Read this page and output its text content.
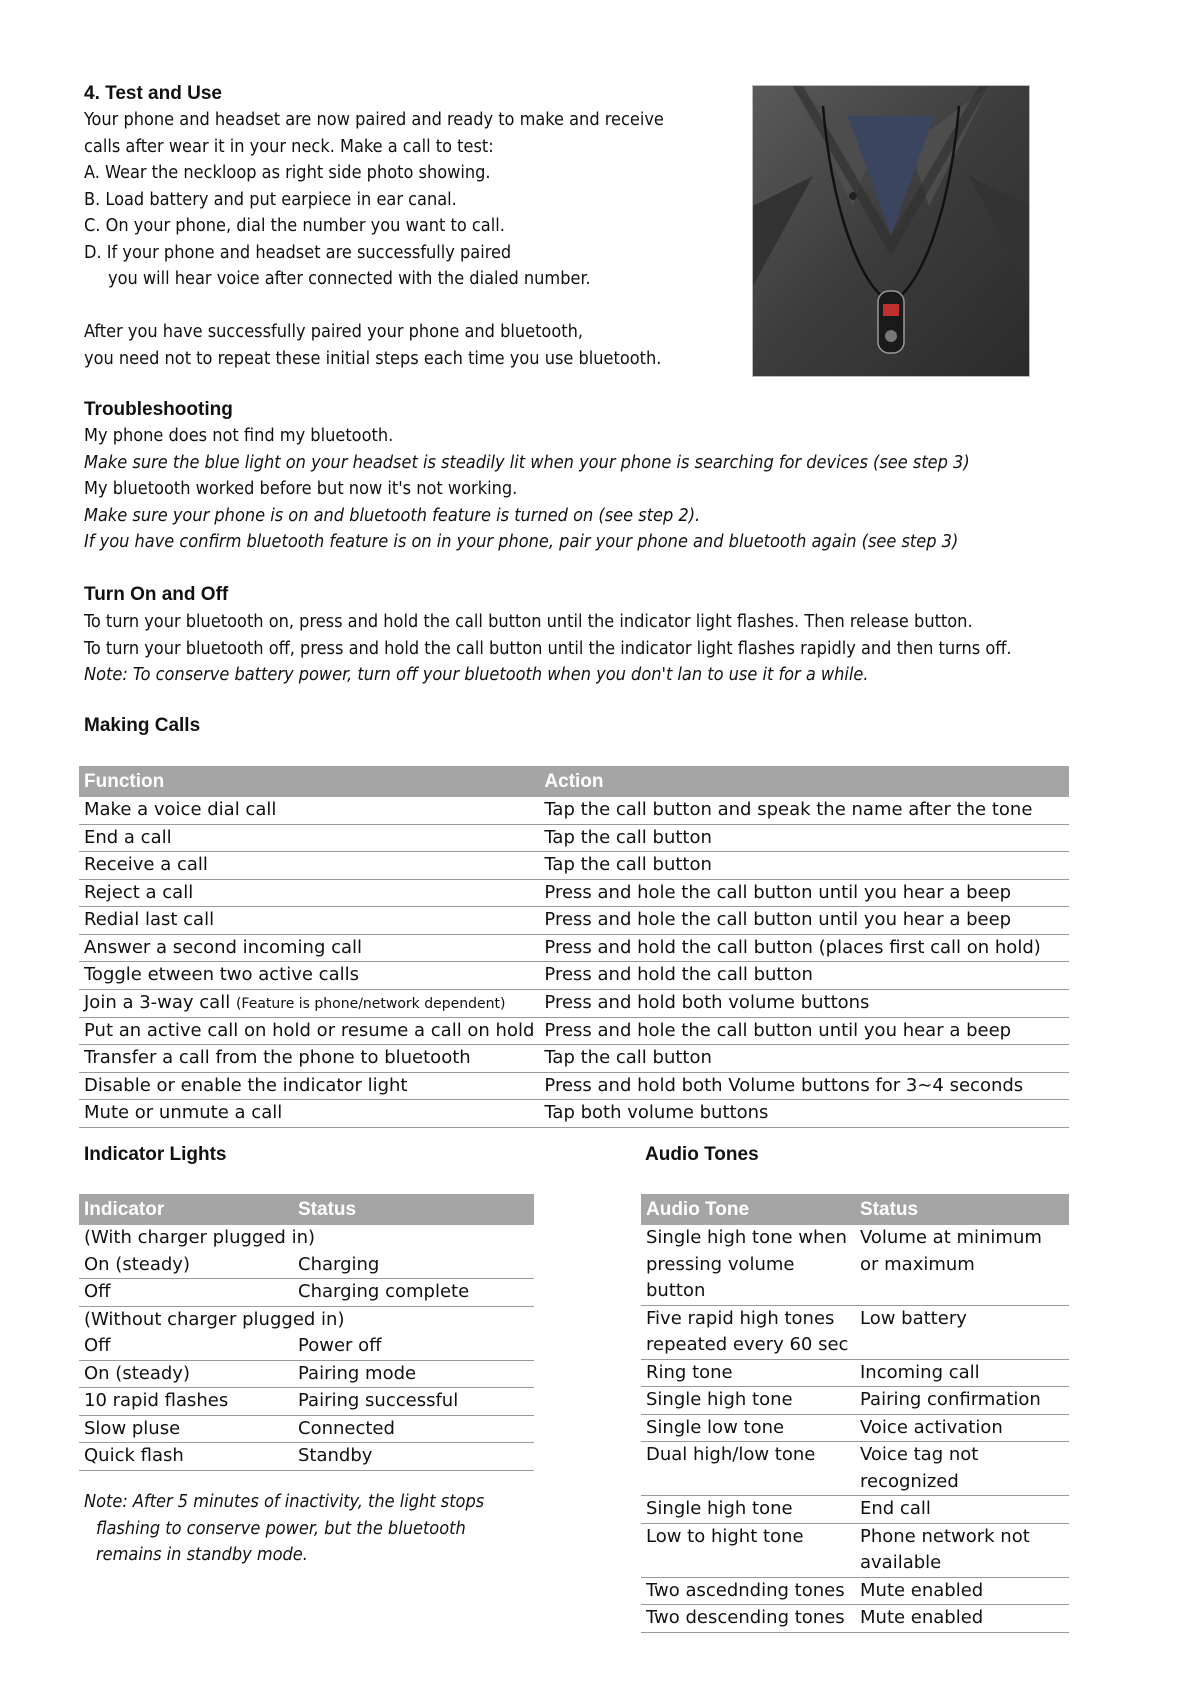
4. Test and Use
Your phone and headset are now paired and ready to make and receive
calls after wear it in your neck. Make a call to test:
A. Wear the neckloop as right side photo showing.
B. Load battery and put earpiece in ear canal.
C. On your phone, dial the number you want to call.
D. If your phone and headset are successfully paired
you will hear voice after connected with the dialed number.
After you have successfully paired your phone and bluetooth,
you need not to repeat these initial steps each time you use bluetooth.
Troubleshooting
My phone does not find my bluetooth.
Make sure the blue light on your headset is steadily lit when your phone is searching for devices (see step 3)
My bluetooth worked before but now it's not working.
Make sure your phone is on and bluetooth feature is turned on (see step 2).
If you have confirm bluetooth feature is on in your phone, pair your phone and bluetooth again (see step 3)
Turn On and Off
To turn your bluetooth on, press and hold the call button until the indicator light flashes. Then release button.
To turn your bluetooth off, press and hold the call button until the indicator light flashes rapidly and then turns off.
Note: To conserve battery power, turn off your bluetooth when you don't lan to use it for a while.
Making Calls
Function	Action
Make a voice dial call	Tap the call button and speak the name after the tone
End a call	Tap the call button
Receive a call	Tap the call button
Reject a call	Press and hole the call button until you hear a beep
Redial last call	Press and hole the call button until you hear a beep
Answer a second incoming call	Press and hold the call button (places first call on hold)
Toggle etween two active calls	Press and hold the call button
Join a 3-way call (Feature is phone/network dependent)	Press and hold both volume buttons
Put an active call on hold or resume a call on hold	Press and hole the call button until you hear a beep
Transfer a call from the phone to bluetooth	Tap the call button
Disable or enable the indicator light	Press and hold both Volume buttons for 3~4 seconds
Mute or unmute a call	Tap both volume buttons
Indicator Lights
Indicator	Status
(With charger plugged in)	
On (steady)	Charging
Off	Charging complete
(Without charger plugged in)	
Off	Power off
On (steady)	Pairing mode
10 rapid flashes	Pairing successful
Slow pluse	Connected
Quick flash	Standby
Note: After 5 minutes of inactivity, the light stops
flashing to conserve power, but the bluetooth
remains in standby mode.
Audio Tones
Audio Tone	Status
Single high tone when pressing volume button	Volume at minimum or maximum
Five rapid high tones repeated every 60 sec	Low battery
Ring tone	Incoming call
Single high tone	Pairing confirmation
Single low tone	Voice activation
Dual high/low tone	Voice tag not recognized
Single high tone	End call
Low to hight tone	Phone network not available
Two ascednding tones	Mute enabled
Two descending tones	Mute enabled
